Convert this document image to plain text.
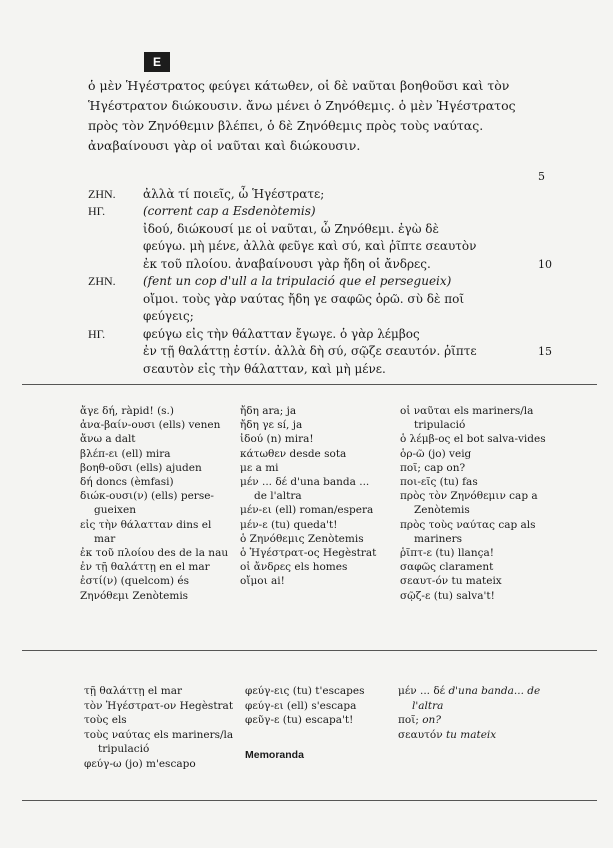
E
ὁ μὲν Ἡγέστρατος φεύγει κάτωθεν, οἱ δὲ ναῦται βοηθοῦσι καὶ τὸν
Ἡγέστρατον διώκουσιν. ἄνω μένει ὁ Ζηνόθεμις. ὁ μὲν Ἡγέστρατος
πρὸς τὸν Ζηνόθεμιν βλέπει, ὁ δὲ Ζηνόθεμις πρὸς τοὺς ναύτας.
ἀναβαίνουσι γὰρ οἱ ναῦται καὶ διώκουσιν.
5
ΖΗΝ. ἀλλὰ τί ποιεῖς, ὦ Ἡγέστρατε;
ΗΓ.	(corrent cap a Esdenòtemis)
ἰδού, διώκουσί με οἱ ναῦται, ὦ Ζηνόθεμι. ἐγὼ δὲ
φεύγω. μὴ μένε, ἀλλὰ φεῦγε καὶ σύ, καὶ ῥῖπτε σεαυτὸν
ἐκ τοῦ πλοίου. ἀναβαίνουσι γὰρ ἤδη οἱ ἄνδρες.	10
ΖΗΝ. (fent un cop d'ull a la tripulació que el persegueix)
οἴμοι. τοὺς γὰρ ναύτας ἤδη γε σαφῶς ὁρῶ. σὺ δὲ ποῖ
φεύγεις;
ΗΓ.	φεύγω εἰς τὴν θάλατταν ἔγωγε. ὁ γὰρ λέμβος
ἐν τῇ θαλάττῃ ἐστίν. ἀλλὰ δὴ σύ, σῷζε σεαυτόν. ῥῖπτε	15
σεαυτὸν εἰς τὴν θάλατταν, καὶ μὴ μένε.
ἄγε δή, ràpid! (s.)
ἀνα-βαίν-ουσι (ells) venen
ἄνω a dalt
βλέπ-ει (ell) mira
βοηθ-οῦσι (ells) ajuden
δή doncs (èmfasi)
διώκ-ουσι(ν) (ells) perse-
gueixen
εἰς τὴν θάλατταν dins el
mar
ἐκ τοῦ πλοίου des de la nau
ἐν τῇ θαλάττῃ en el mar
ἐστί(ν) (quelcom) és
Ζηνόθεμι Zenòtemis
ἤδη ara; ja
ἤδη γε sí, ja
ἰδού (n) mira!
κάτωθεν desde sota
με a mi
μέν ... δέ d'una banda ...
de l'altra
μέν-ει (ell) roman/espera
μέν-ε (tu) queda't!
ὁ Ζηνόθεμις Zenòtemis
ὁ Ἡγέστρατ-ος Hegèstrat
οἱ ἄνδρες els homes
οἴμοι ai!
οἱ ναῦται els mariners/la
tripulació
ὁ λέμβ-ος el bot salva-vides
ὁρ-ῶ (jo) veig
ποῖ; cap on?
ποι-εῖς (tu) fas
πρὸς τὸν Ζηνόθεμιν cap a
Zenòtemis
πρὸς τοὺς ναύτας cap als
mariners
ῥῖπτ-ε (tu) llança!
σαφῶς clarament
σεαυτ-όν tu mateix
σῷζ-ε (tu) salva't!
τῇ θαλάττῃ el mar
τὸν Ἡγέστρατ-ον Hegèstrat
τοὺς els
τοὺς ναύτας els mariners/la
tripulació
φεύγ-ω (jo) m'escapo
φεύγ-εις (tu) t'escapes
φεύγ-ει (ell) s'escapa
φεῦγ-ε (tu) escapa't!
Memoranda
μέν ... δέ d'una banda... de
l'altra
ποῖ; on?
σεαυτόν tu mateix
